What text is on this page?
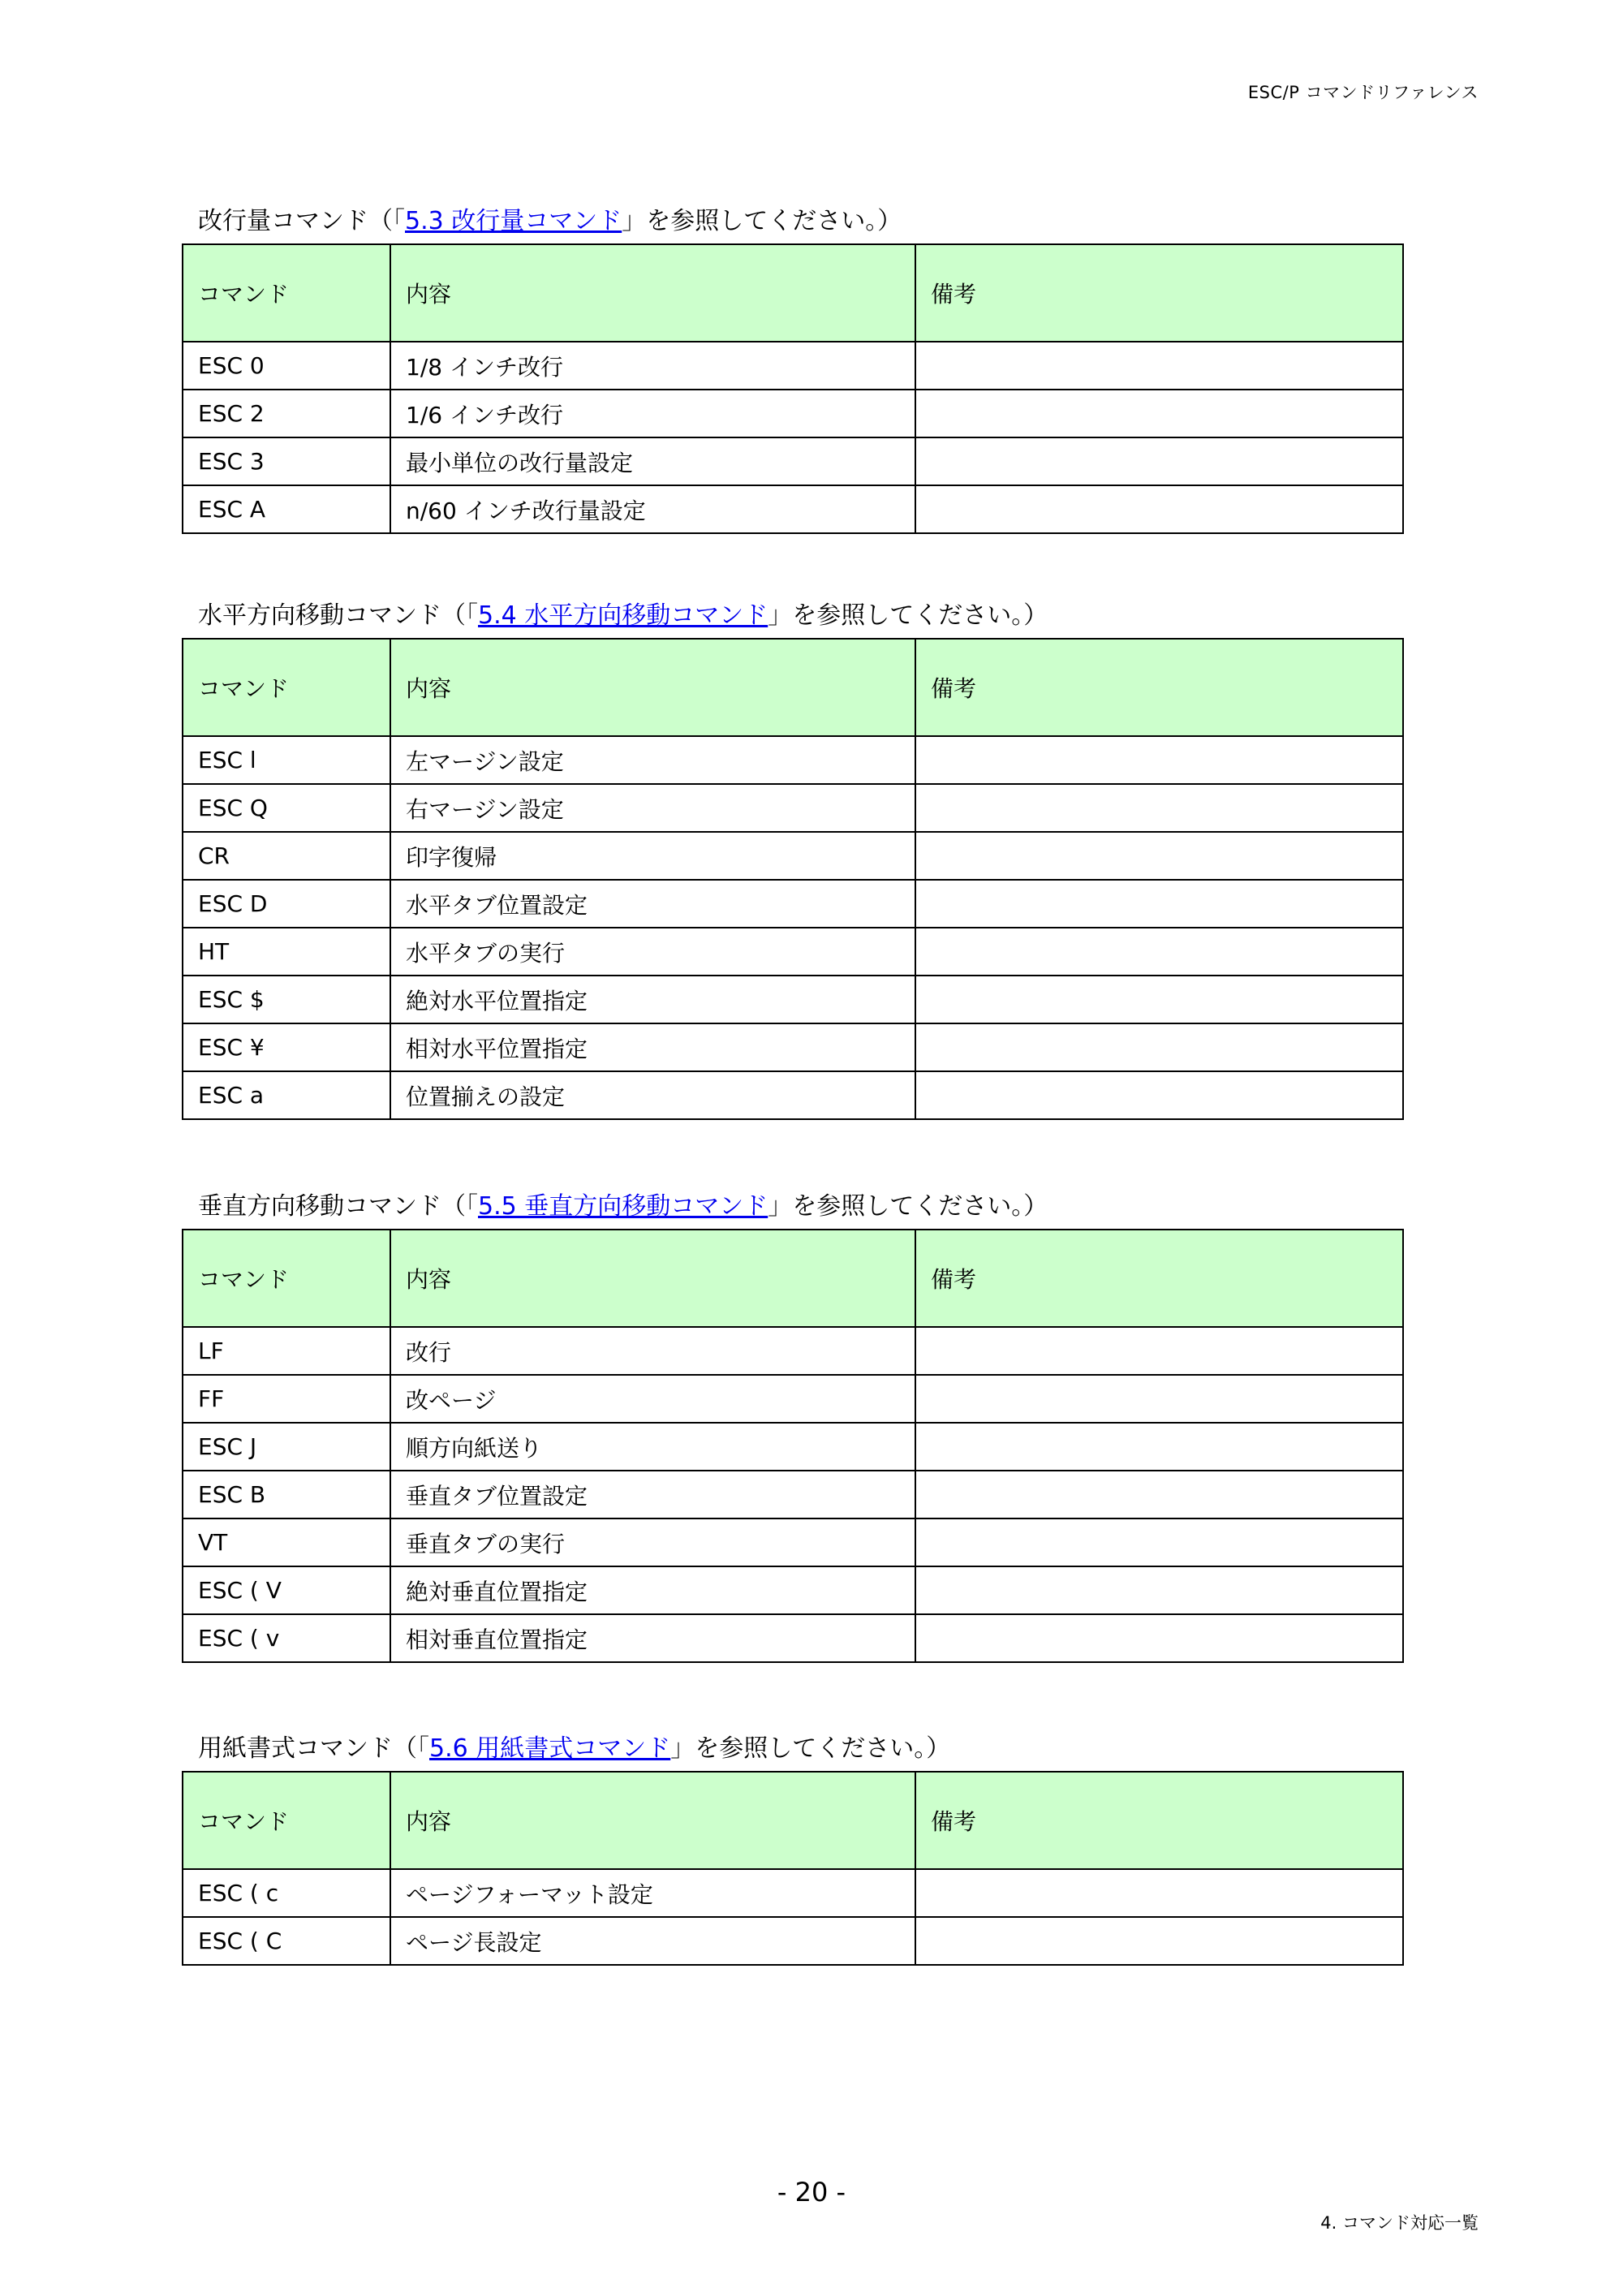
ESC/P コマンドリファレンス
改行量コマンド（「5.3 改行量コマンド」を参照してください。）
コマンド	内容	備考
ESC 0	1/8 インチ改行	
ESC 2	1/6 インチ改行	
ESC 3	最小単位の改行量設定	
ESC A	n/60 インチ改行量設定	
水平方向移動コマンド（「5.4 水平方向移動コマンド」を参照してください。）
コマンド	内容	備考
ESC l	左マージン設定	
ESC Q	右マージン設定	
CR	印字復帰	
ESC D	水平タブ位置設定	
HT	水平タブの実行	
ESC $	絶対水平位置指定	
ESC ¥	相対水平位置指定	
ESC a	位置揃えの設定	
垂直方向移動コマンド（「5.5 垂直方向移動コマンド」を参照してください。）
コマンド	内容	備考
LF	改行	
FF	改ページ	
ESC J	順方向紙送り	
ESC B	垂直タブ位置設定	
VT	垂直タブの実行	
ESC ( V	絶対垂直位置指定	
ESC ( v	相対垂直位置指定	
用紙書式コマンド（「5.6 用紙書式コマンド」を参照してください。）
コマンド	内容	備考
ESC ( c	ページフォーマット設定	
ESC ( C	ページ長設定	
- 20 -
4. コマンド対応一覧
